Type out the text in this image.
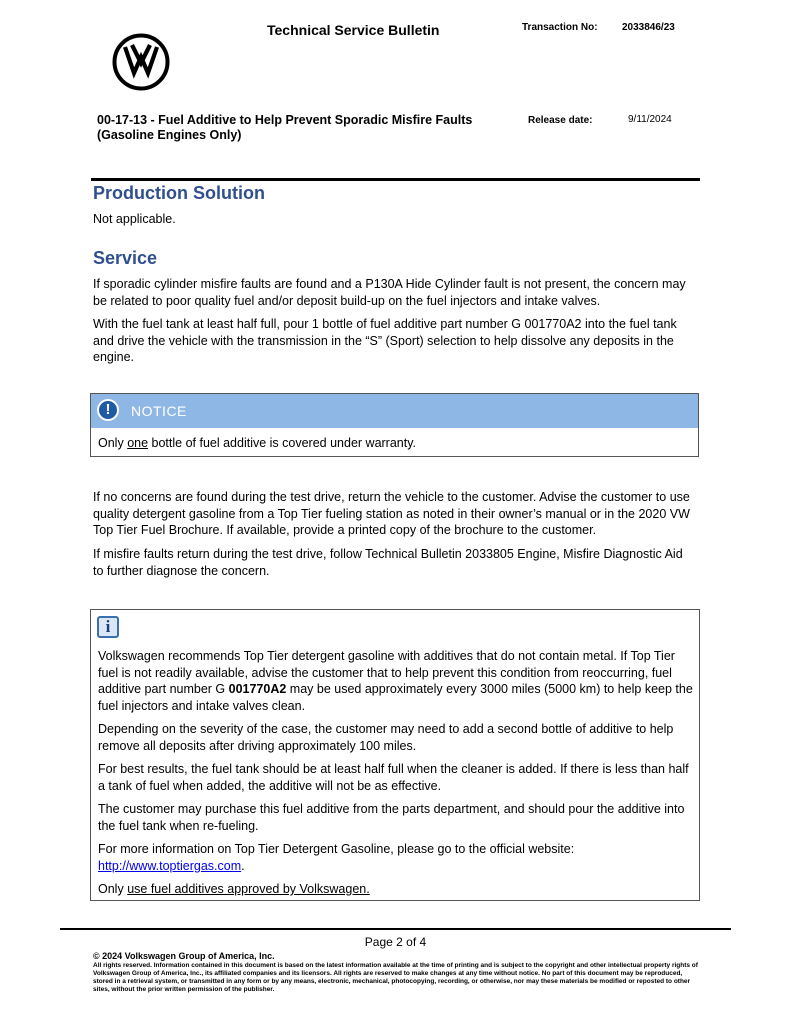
Technical Service Bulletin	Transaction No: 2033846/23
00-17-13 - Fuel Additive to Help Prevent Sporadic Misfire Faults (Gasoline Engines Only)
Release date:	9/11/2024
Production Solution
Not applicable.
Service
If sporadic cylinder misfire faults are found and a P130A Hide Cylinder fault is not present, the concern may be related to poor quality fuel and/or deposit build-up on the fuel injectors and intake valves.
With the fuel tank at least half full, pour 1 bottle of fuel additive part number G 001770A2 into the fuel tank and drive the vehicle with the transmission in the “S” (Sport) selection to help dissolve any deposits in the engine.
!	NOTICE
Only one bottle of fuel additive is covered under warranty.
If no concerns are found during the test drive, return the vehicle to the customer. Advise the customer to use quality detergent gasoline from a Top Tier fueling station as noted in their owner’s manual or in the 2020 VW Top Tier Fuel Brochure. If available, provide a printed copy of the brochure to the customer.
If misfire faults return during the test drive, follow Technical Bulletin 2033805 Engine, Misfire Diagnostic Aid to further diagnose the concern.
i

Volkswagen recommends Top Tier detergent gasoline with additives that do not contain metal. If Top Tier fuel is not readily available, advise the customer that to help prevent this condition from reoccurring, fuel additive part number G 001770A2 may be used approximately every 3000 miles (5000 km) to help keep the fuel injectors and intake valves clean.

Depending on the severity of the case, the customer may need to add a second bottle of additive to help remove all deposits after driving approximately 100 miles.

For best results, the fuel tank should be at least half full when the cleaner is added. If there is less than half a tank of fuel when added, the additive will not be as effective.

The customer may purchase this fuel additive from the parts department, and should pour the additive into the fuel tank when re-fueling.

For more information on Top Tier Detergent Gasoline, please go to the official website:
http://www.toptiergas.com.

Only use fuel additives approved by Volkswagen.

Page 2 of 4
© 2024 Volkswagen Group of America, Inc.
All rights reserved. Information contained in this document is based on the latest information available at the time of printing and is subject to the copyright and other intellectual property rights of Volkswagen Group of America, Inc., its affiliated companies and its licensors. All rights are reserved to make changes at any time without notice. No part of this document may be reproduced, stored in a retrieval system, or transmitted in any form or by any means, electronic, mechanical, photocopying, recording, or otherwise, nor may these materials be modified or reposted to other sites, without the prior written permission of the publisher.
